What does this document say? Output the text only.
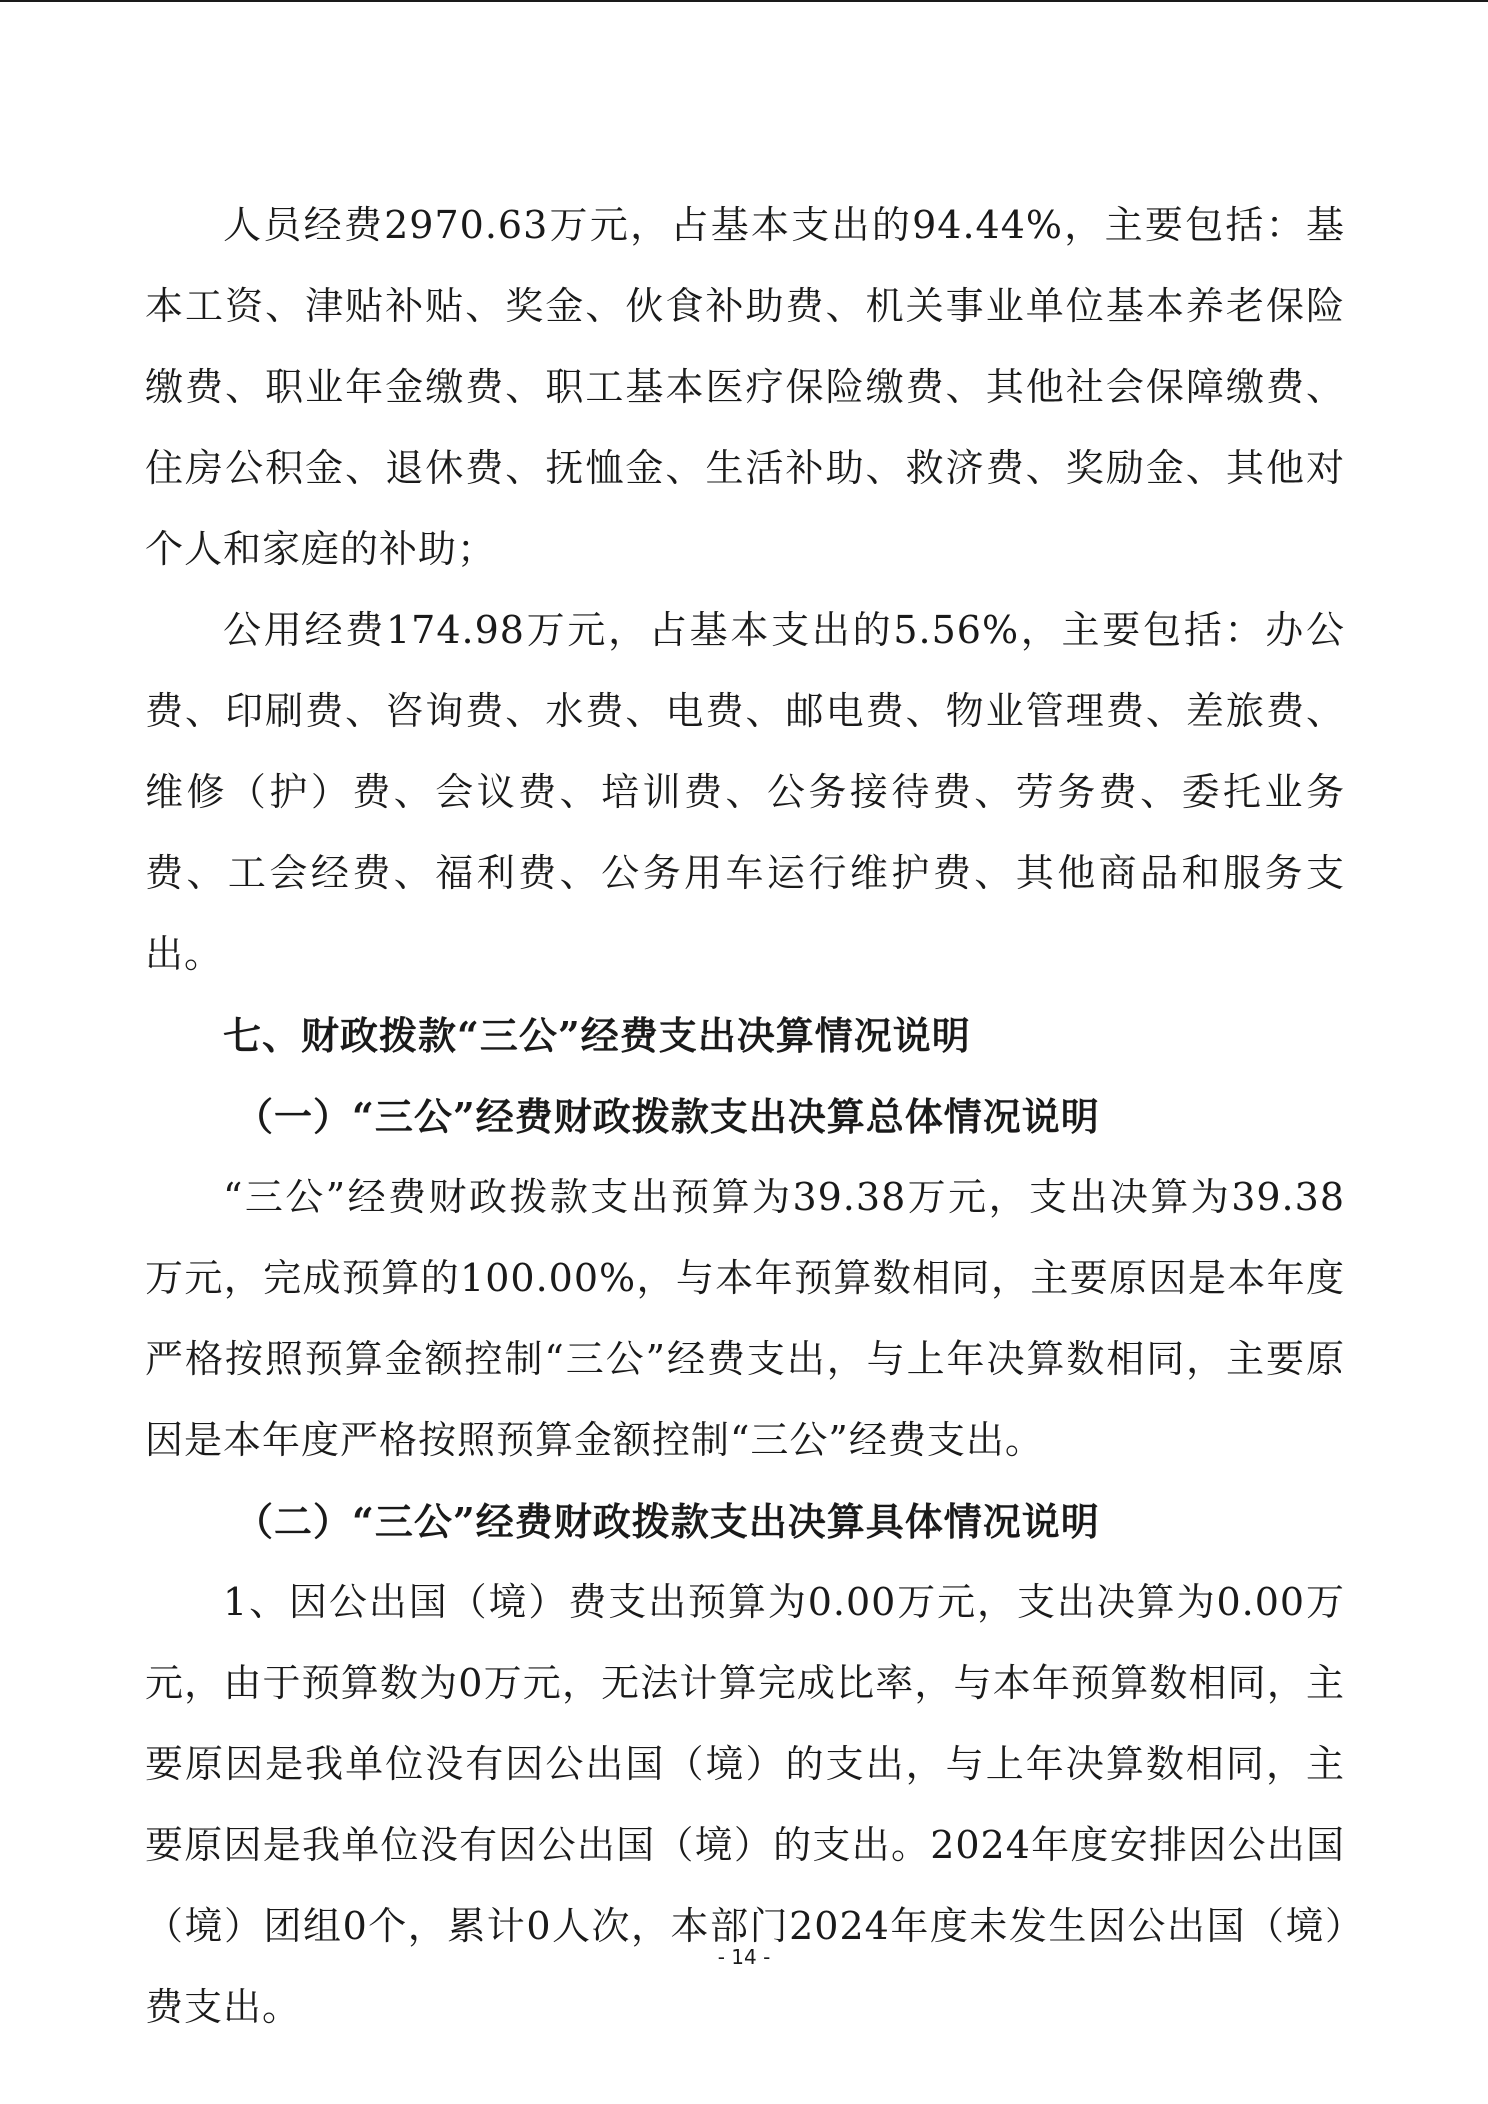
人员经费2970.63万元，占基本支出的94.44%，主要包括：基本工资、津贴补贴、奖金、伙食补助费、机关事业单位基本养老保险缴费、职业年金缴费、职工基本医疗保险缴费、其他社会保障缴费、住房公积金、退休费、抚恤金、生活补助、救济费、奖励金、其他对个人和家庭的补助；

公用经费174.98万元，占基本支出的5.56%，主要包括：办公费、印刷费、咨询费、水费、电费、邮电费、物业管理费、差旅费、维修（护）费、会议费、培训费、公务接待费、劳务费、委托业务费、工会经费、福利费、公务用车运行维护费、其他商品和服务支出。

七、财政拨款“三公”经费支出决算情况说明

（一）“三公”经费财政拨款支出决算总体情况说明

“三公”经费财政拨款支出预算为39.38万元，支出决算为39.38万元，完成预算的100.00%，与本年预算数相同，主要原因是本年度严格按照预算金额控制“三公”经费支出，与上年决算数相同，主要原因是本年度严格按照预算金额控制“三公”经费支出。

（二）“三公”经费财政拨款支出决算具体情况说明

1、因公出国（境）费支出预算为0.00万元，支出决算为0.00万元，由于预算数为0万元，无法计算完成比率，与本年预算数相同，主要原因是我单位没有因公出国（境）的支出，与上年决算数相同，主要原因是我单位没有因公出国（境）的支出。2024年度安排因公出国（境）团组0个，累计0人次，本部门2024年度未发生因公出国（境）费支出。

- 14 -
